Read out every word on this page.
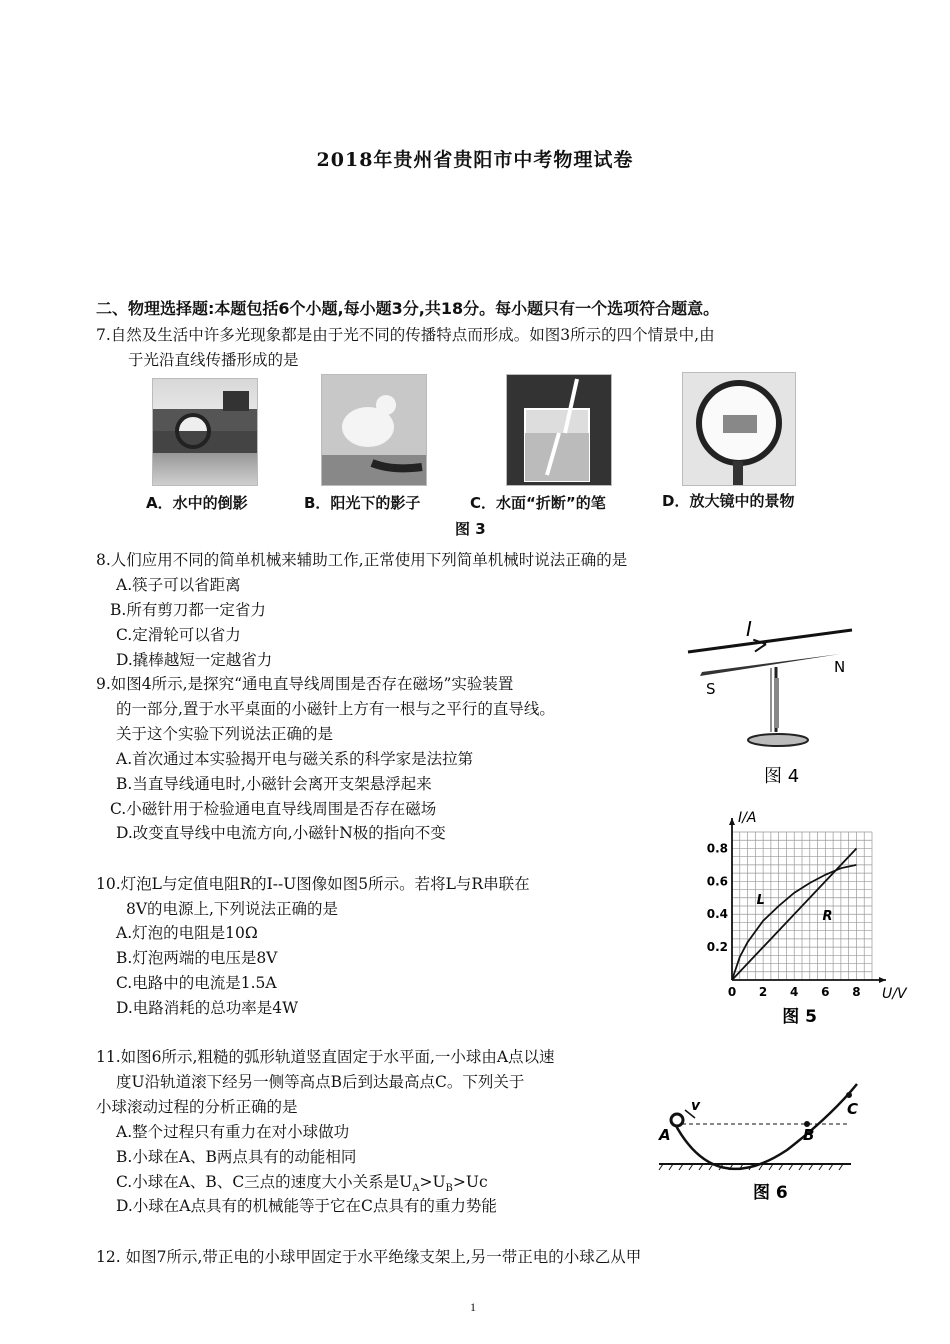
2018年贵州省贵阳市中考物理试卷
二、物理选择题:本题包括6个小题,每小题3分,共18分。每小题只有一个选项符合题意。
7.自然及生活中许多光现象都是由于光不同的传播特点而形成。如图3所示的四个情景中,由
于光沿直线传播形成的是
A．水中的倒影	B．阳光下的影子	C．水面“折断”的笔	D．放大镜中的景物
图 3
8.人们应用不同的简单机械来辅助工作,正常使用下列简单机械时说法正确的是
A.筷子可以省距离
B.所有剪刀都一定省力
C.定滑轮可以省力
D.撬棒越短一定越省力
I
S
N
图 4
9.如图4所示,是探究“通电直导线周围是否存在磁场”实验装置
的一部分,置于水平桌面的小磁针上方有一根与之平行的直导线。
关于这个实验下列说法正确的是
A.首次通过本实验揭开电与磁关系的科学家是法拉第
B.当直导线通电时,小磁针会离开支架悬浮起来
C.小磁针用于检验通电直导线周围是否存在磁场
D.改变直导线中电流方向,小磁针N极的指向不变
10.灯泡L与定值电阻R的I--U图像如图5所示。若将L与R串联在
8V的电源上,下列说法正确的是
A.灯泡的电阻是10Ω
B.灯泡两端的电压是8V
C.电路中的电流是1.5A
D.电路消耗的总功率是4W
0 2 4 6 8
0.2
0.4
0.6
0.8
L
R
I/A
U/V
图 5
11.如图6所示,粗糙的弧形轨道竖直固定于水平面,一小球由A点以速
度U沿轨道滚下经另一侧等高点B后到达最高点C。下列关于
小球滚动过程的分析正确的是
A.整个过程只有重力在对小球做功
B.小球在A、B两点具有的动能相同
C.小球在A、B、C三点的速度大小关系是$U_A>U_B>Uc$
D.小球在A点具有的机械能等于它在C点具有的重力势能
A	B
C
v
图 6
12. 如图7所示,带正电的小球甲固定于水平绝缘支架上,另一带正电的小球乙从甲
1
